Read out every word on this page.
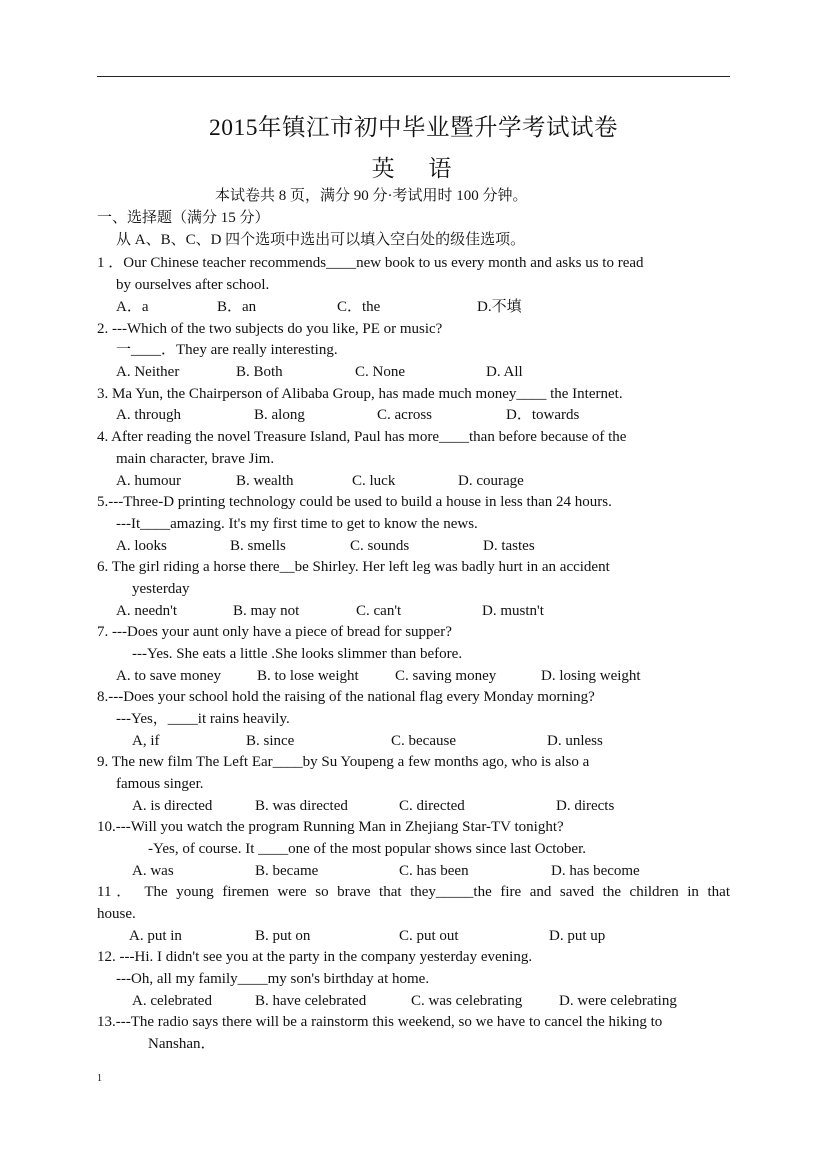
2015年镇江市初中毕业暨升学考试试卷
英 语
本试卷共 8 页，满分 90 分·考试用时 100 分钟。
一、选择题（满分 15 分）
从 A、B、C、D 四个选项中选出可以填入空白处的级佳选项。
1 ．Our Chinese teacher recommends____new book to us every month and asks us to read
by ourselves after school.
A．a	B．an	C．the	D.不填
2. ---Which of the two subjects do you like, PE or music?
一____．They are really interesting.
A. Neither	B. Both	C. None	D. All
3. Ma Yun, the Chairperson of Alibaba Group, has made much money____ the Internet.
A. through	B. along	C. across	D．towards
4. After reading the novel Treasure Island, Paul has more____than before because of the
main character, brave Jim.
A. humour	B. wealth	C. luck	D. courage
5.---Three-D printing technology could be used to build a house in less than 24 hours.
---It____amazing. It's my first time to get to know the news.
A. looks	B. smells	C. sounds	D. tastes
6. The girl riding a horse there__be Shirley. Her left leg was badly hurt in an accident
yesterday
A. needn't	B. may not	C. can't	D. mustn't
7. ---Does your aunt only have a piece of bread for supper?
---Yes. She eats a little .She looks slimmer than before.
A. to save money B. to lose weight C. saving money	D. losing weight
8.---Does your school hold the raising of the national flag every Monday morning?
---Yes，____it rains heavily.
A, if	B. since	C. because	D. unless
9. The new film The Left Ear____by Su Youpeng a few months ago, who is also a
famous singer.
A. is directed	B. was directed	C. directed	D. directs
10.---Will you watch the program Running Man in Zhejiang Star-TV tonight?
-Yes, of course. It ____one of the most popular shows since last October.
A. was	B. became	C. has been	D. has become
11． The young firemen were so brave that they_____the fire and saved the children in that
house.
A. put in	B. put on	C. put out	D. put up
12. ---Hi. I didn't see you at the party in the company yesterday evening.
---Oh, all my family____my son's birthday at home.
A. celebrated	B. have celebrated	C. was celebrating D. were celebrating
13.---The radio says there will be a rainstorm this weekend, so we have to cancel the hiking to
Nanshan．
1
